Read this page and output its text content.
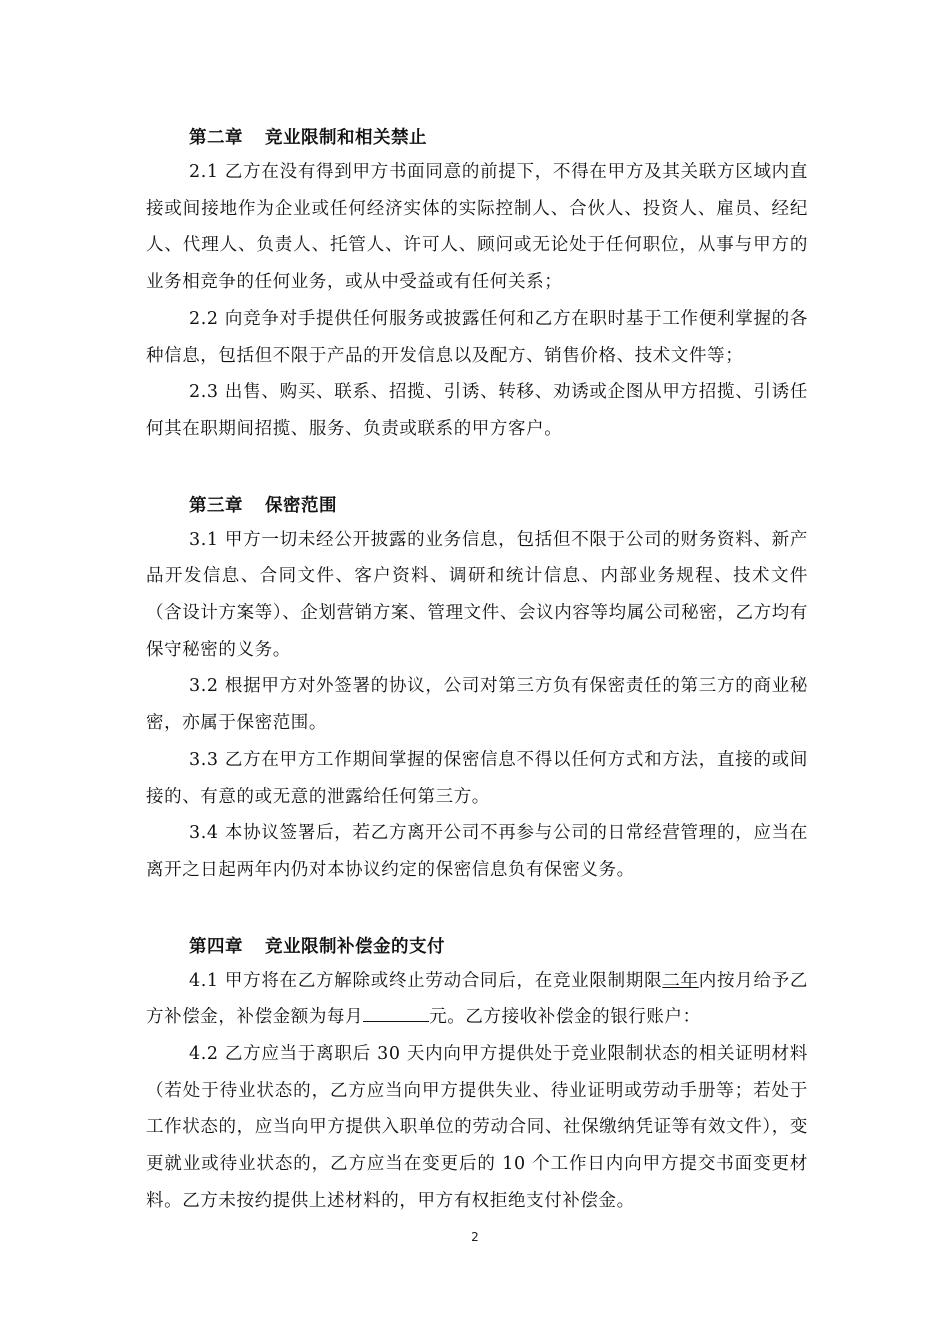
第二章 竞业限制和相关禁止

2.1 乙方在没有得到甲方书面同意的前提下，不得在甲方及其关联方区域内直接或间接地作为企业或任何经济实体的实际控制人、合伙人、投资人、雇员、经纪人、代理人、负责人、托管人、许可人、顾问或无论处于任何职位，从事与甲方的业务相竞争的任何业务，或从中受益或有任何关系；

2.2 向竞争对手提供任何服务或披露任何和乙方在职时基于工作便利掌握的各种信息，包括但不限于产品的开发信息以及配方、销售价格、技术文件等；

2.3 出售、购买、联系、招揽、引诱、转移、劝诱或企图从甲方招揽、引诱任何其在职期间招揽、服务、负责或联系的甲方客户。

第三章 保密范围

3.1 甲方一切未经公开披露的业务信息，包括但不限于公司的财务资料、新产品开发信息、合同文件、客户资料、调研和统计信息、内部业务规程、技术文件（含设计方案等）、企划营销方案、管理文件、会议内容等均属公司秘密，乙方均有保守秘密的义务。

3.2 根据甲方对外签署的协议，公司对第三方负有保密责任的第三方的商业秘密，亦属于保密范围。

3.3 乙方在甲方工作期间掌握的保密信息不得以任何方式和方法，直接的或间接的、有意的或无意的泄露给任何第三方。

3.4 本协议签署后，若乙方离开公司不再参与公司的日常经营管理的，应当在离开之日起两年内仍对本协议约定的保密信息负有保密义务。

第四章 竞业限制补偿金的支付

4.1 甲方将在乙方解除或终止劳动合同后，在竞业限制期限二年内按月给予乙方补偿金，补偿金额为每月	元。乙方接收补偿金的银行账户：

4.2 乙方应当于离职后 30 天内向甲方提供处于竞业限制状态的相关证明材料（若处于待业状态的，乙方应当向甲方提供失业、待业证明或劳动手册等；若处于工作状态的，应当向甲方提供入职单位的劳动合同、社保缴纳凭证等有效文件），变更就业或待业状态的，乙方应当在变更后的 10 个工作日内向甲方提交书面变更材料。乙方未按约提供上述材料的，甲方有权拒绝支付补偿金。

2
